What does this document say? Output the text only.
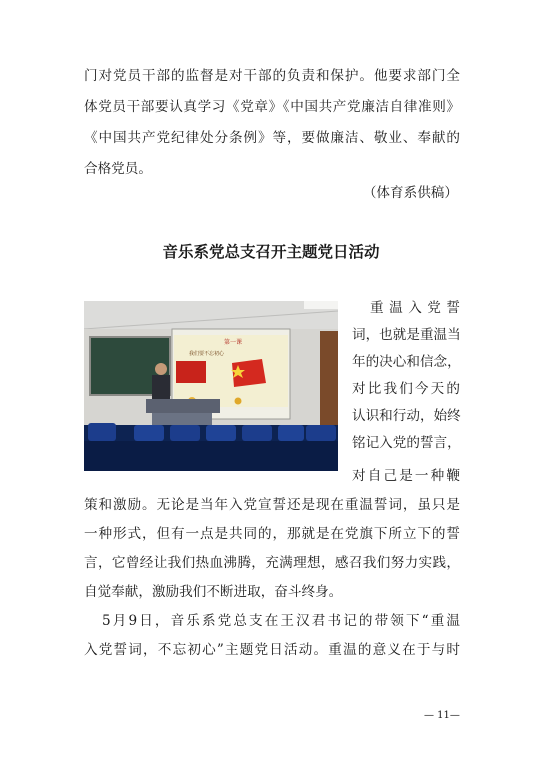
门对党员干部的监督是对干部的负责和保护。他要求部门全
体党员干部要认真学习《党章》《中国共产党廉洁自律准则》
《中国共产党纪律处分条例》等，要做廉洁、敬业、奉献的
合格党员。
（体育系供稿）
音乐系党总支召开主题党日活动
第一课
我们要不忘初心
重温入党誓
词，也就是重温当
年的决心和信念，
对比我们今天的
认识和行动，始终
铭记入党的誓言，
对自己是一种鞭
策和激励。无论是当年入党宣誓还是现在重温誓词，虽只是
一种形式，但有一点是共同的，那就是在党旗下所立下的誓
言，它曾经让我们热血沸腾，充满理想，感召我们努力实践，
自觉奉献，激励我们不断进取，奋斗终身。
5月9日，音乐系党总支在王汉君书记的带领下“重温
入党誓词，不忘初心”主题党日活动。重温的意义在于与时
— 11—
